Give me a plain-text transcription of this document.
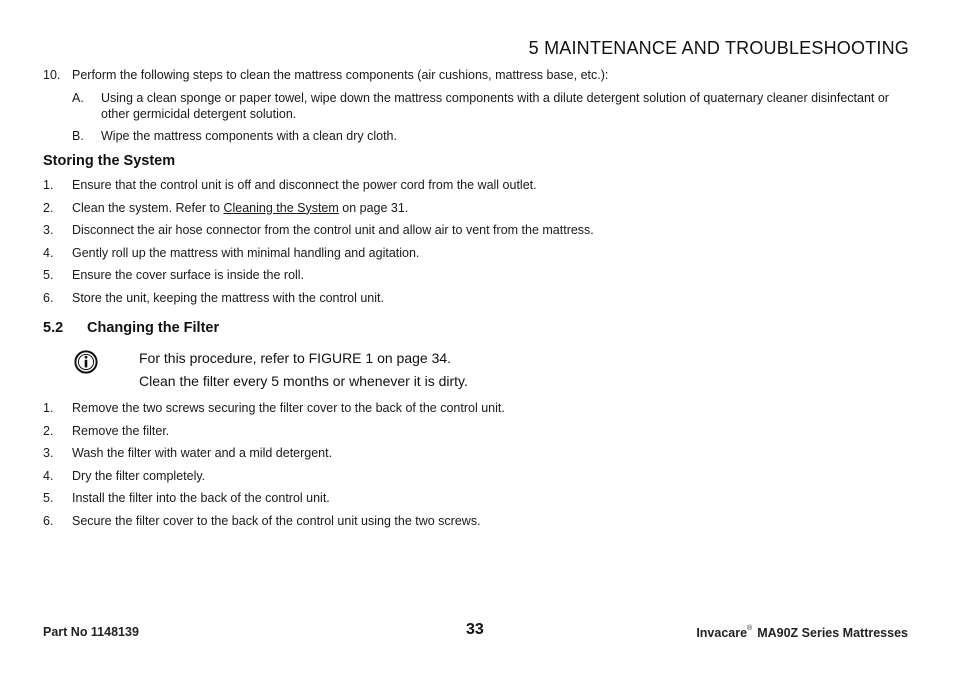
5 MAINTENANCE AND TROUBLESHOOTING
10. Perform the following steps to clean the mattress components (air cushions, mattress base, etc.):
A. Using a clean sponge or paper towel, wipe down the mattress components with a dilute detergent solution of quaternary cleaner disinfectant or other germicidal detergent solution.
B. Wipe the mattress components with a clean dry cloth.
Storing the System
1. Ensure that the control unit is off and disconnect the power cord from the wall outlet.
2. Clean the system. Refer to Cleaning the System on page 31.
3. Disconnect the air hose connector from the control unit and allow air to vent from the mattress.
4. Gently roll up the mattress with minimal handling and agitation.
5. Ensure the cover surface is inside the roll.
6. Store the unit, keeping the mattress with the control unit.
5.2 Changing the Filter
For this procedure, refer to FIGURE 1 on page 34.
Clean the filter every 5 months or whenever it is dirty.
1. Remove the two screws securing the filter cover to the back of the control unit.
2. Remove the filter.
3. Wash the filter with water and a mild detergent.
4. Dry the filter completely.
5. Install the filter into the back of the control unit.
6. Secure the filter cover to the back of the control unit using the two screws.
Part No 1148139	33	Invacare® MA90Z Series Mattresses
